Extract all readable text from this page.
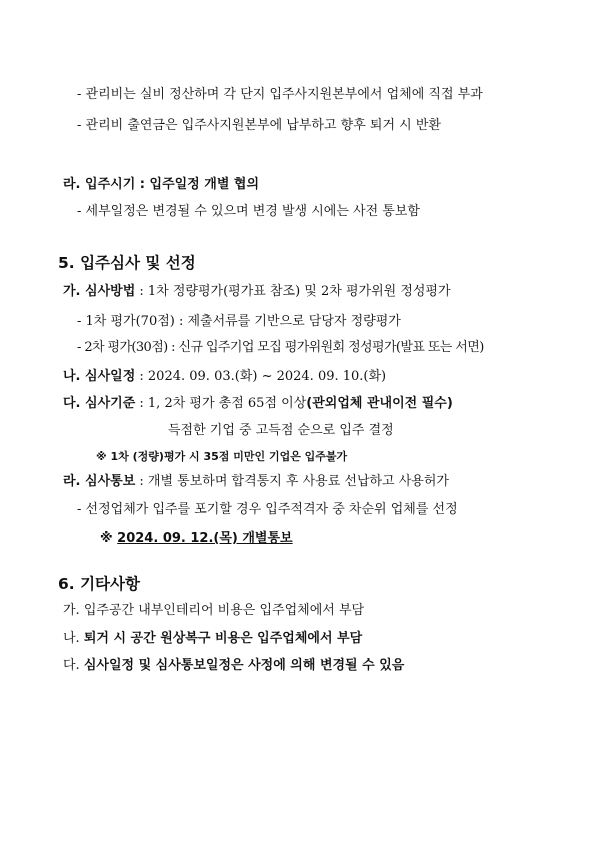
- 관리비는 실비 정산하며 각 단지 입주사지원본부에서 업체에 직접 부과
- 관리비 출연금은 입주사지원본부에 납부하고 향후 퇴거 시 반환
라. 입주시기 : 입주일정 개별 협의
- 세부일정은 변경될 수 있으며 변경 발생 시에는 사전 통보함
5. 입주심사 및 선정
가. 심사방법 : 1차 정량평가(평가표 참조) 및 2차 평가위원 정성평가
- 1차 평가(70점) : 제출서류를 기반으로 담당자 정량평가
- 2차 평가(30점) : 신규 입주기업 모집 평가위원회 정성평가(발표 또는 서면)
나. 심사일정 : 2024. 09. 03.(화) ~ 2024. 09. 10.(화)
다. 심사기준 : 1, 2차 평가 총점 65점 이상(관외업체 관내이전 필수)
득점한 기업 중 고득점 순으로 입주 결정
※ 1차 (정량)평가 시 35점 미만인 기업은 입주불가
라. 심사통보 : 개별 통보하며 합격통지 후 사용료 선납하고 사용허가
- 선정업체가 입주를 포기할 경우 입주적격자 중 차순위 업체를 선정
※ 2024. 09. 12.(목) 개별통보
6. 기타사항
가. 입주공간 내부인테리어 비용은 입주업체에서 부담
나. 퇴거 시 공간 원상복구 비용은 입주업체에서 부담
다. 심사일정 및 심사통보일정은 사정에 의해 변경될 수 있음
